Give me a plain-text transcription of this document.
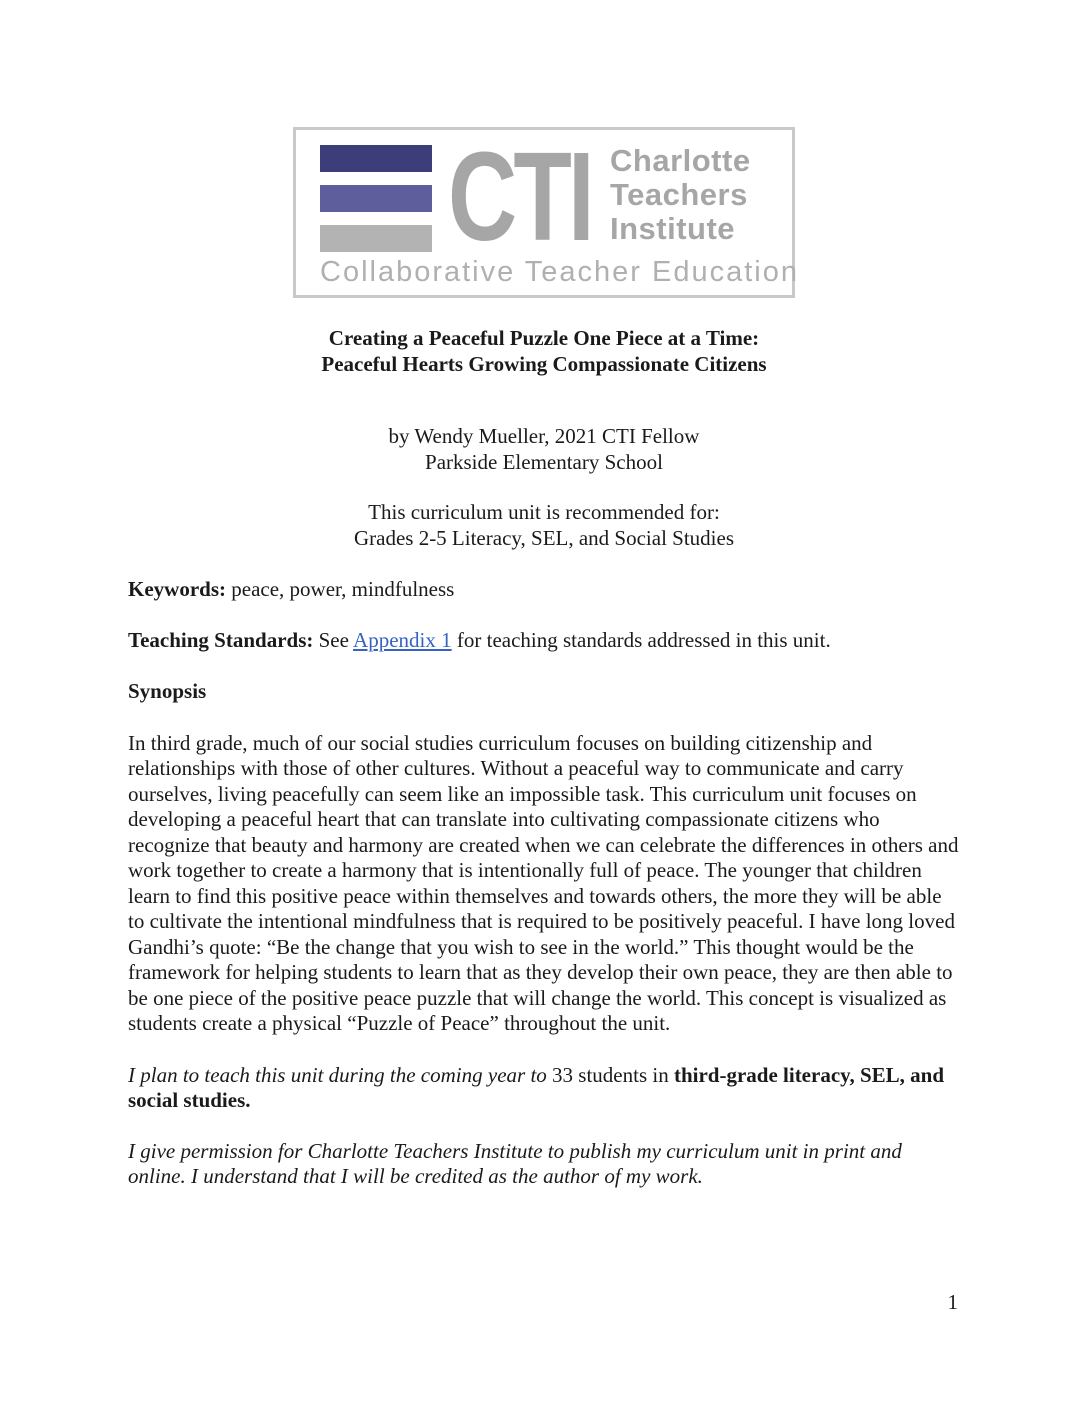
CTI Charlotte
Teachers
Institute
Collaborative Teacher Education
Creating a Peaceful Puzzle One Piece at a Time:
Peaceful Hearts Growing Compassionate Citizens
by Wendy Mueller, 2021 CTI Fellow
Parkside Elementary School
This curriculum unit is recommended for:
Grades 2-5 Literacy, SEL, and Social Studies

Keywords: peace, power, mindfulness

Teaching Standards: See Appendix 1 for teaching standards addressed in this unit.

Synopsis

In third grade, much of our social studies curriculum focuses on building citizenship and relationships with those of other cultures. Without a peaceful way to communicate and carry ourselves, living peacefully can seem like an impossible task. This curriculum unit focuses on developing a peaceful heart that can translate into cultivating compassionate citizens who recognize that beauty and harmony are created when we can celebrate the differences in others and work together to create a harmony that is intentionally full of peace. The younger that children learn to find this positive peace within themselves and towards others, the more they will be able to cultivate the intentional mindfulness that is required to be positively peaceful. I have long loved Gandhi’s quote: “Be the change that you wish to see in the world.” This thought would be the framework for helping students to learn that as they develop their own peace, they are then able to be one piece of the positive peace puzzle that will change the world. This concept is visualized as students create a physical “Puzzle of Peace” throughout the unit.

I plan to teach this unit during the coming year to 33 students in third-grade literacy, SEL, and social studies.

I give permission for Charlotte Teachers Institute to publish my curriculum unit in print and online. I understand that I will be credited as the author of my work.

1
